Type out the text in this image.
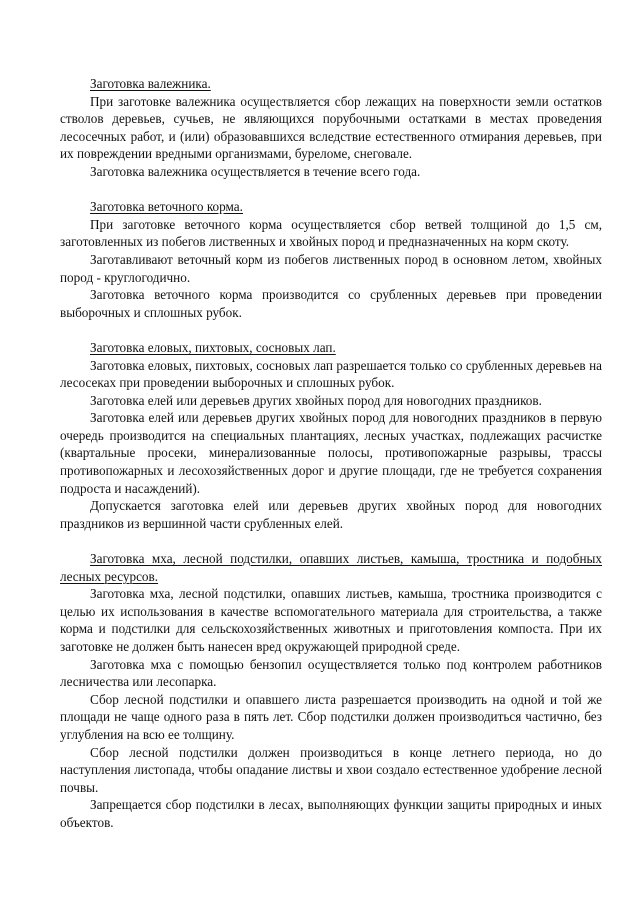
Заготовка валежника.

При заготовке валежника осуществляется сбор лежащих на поверхности земли остатков стволов деревьев, сучьев, не являющихся порубочными остатками в местах проведения лесосечных работ, и (или) образовавшихся вследствие естественного отмирания деревьев, при их повреждении вредными организмами, буреломе, снеговале.

Заготовка валежника осуществляется в течение всего года.

Заготовка веточного корма.

При заготовке веточного корма осуществляется сбор ветвей толщиной до 1,5 см, заготовленных из побегов лиственных и хвойных пород и предназначенных на корм скоту.

Заготавливают веточный корм из побегов лиственных пород в основном летом, хвойных пород - круглогодично.

Заготовка веточного корма производится со срубленных деревьев при проведении выборочных и сплошных рубок.

Заготовка еловых, пихтовых, сосновых лап.

Заготовка еловых, пихтовых, сосновых лап разрешается только со срубленных деревьев на лесосеках при проведении выборочных и сплошных рубок.

Заготовка елей или деревьев других хвойных пород для новогодних праздников.

Заготовка елей или деревьев других хвойных пород для новогодних праздников в первую очередь производится на специальных плантациях, лесных участках, подлежащих расчистке (квартальные просеки, минерализованные полосы, противопожарные разрывы, трассы противопожарных и лесохозяйственных дорог и другие площади, где не требуется сохранения подроста и насаждений).

Допускается заготовка елей или деревьев других хвойных пород для новогодних праздников из вершинной части срубленных елей.

Заготовка мха, лесной подстилки, опавших листьев, камыша, тростника и подобных лесных ресурсов.

Заготовка мха, лесной подстилки, опавших листьев, камыша, тростника производится с целью их использования в качестве вспомогательного материала для строительства, а также корма и подстилки для сельскохозяйственных животных и приготовления компоста. При их заготовке не должен быть нанесен вред окружающей природной среде.

Заготовка мха с помощью бензопил осуществляется только под контролем работников лесничества или лесопарка.

Сбор лесной подстилки и опавшего листа разрешается производить на одной и той же площади не чаще одного раза в пять лет. Сбор подстилки должен производиться частично, без углубления на всю ее толщину.

Сбор лесной подстилки должен производиться в конце летнего периода, но до наступления листопада, чтобы опадание листвы и хвои создало естественное удобрение лесной почвы.

Запрещается сбор подстилки в лесах, выполняющих функции защиты природных и иных объектов.
